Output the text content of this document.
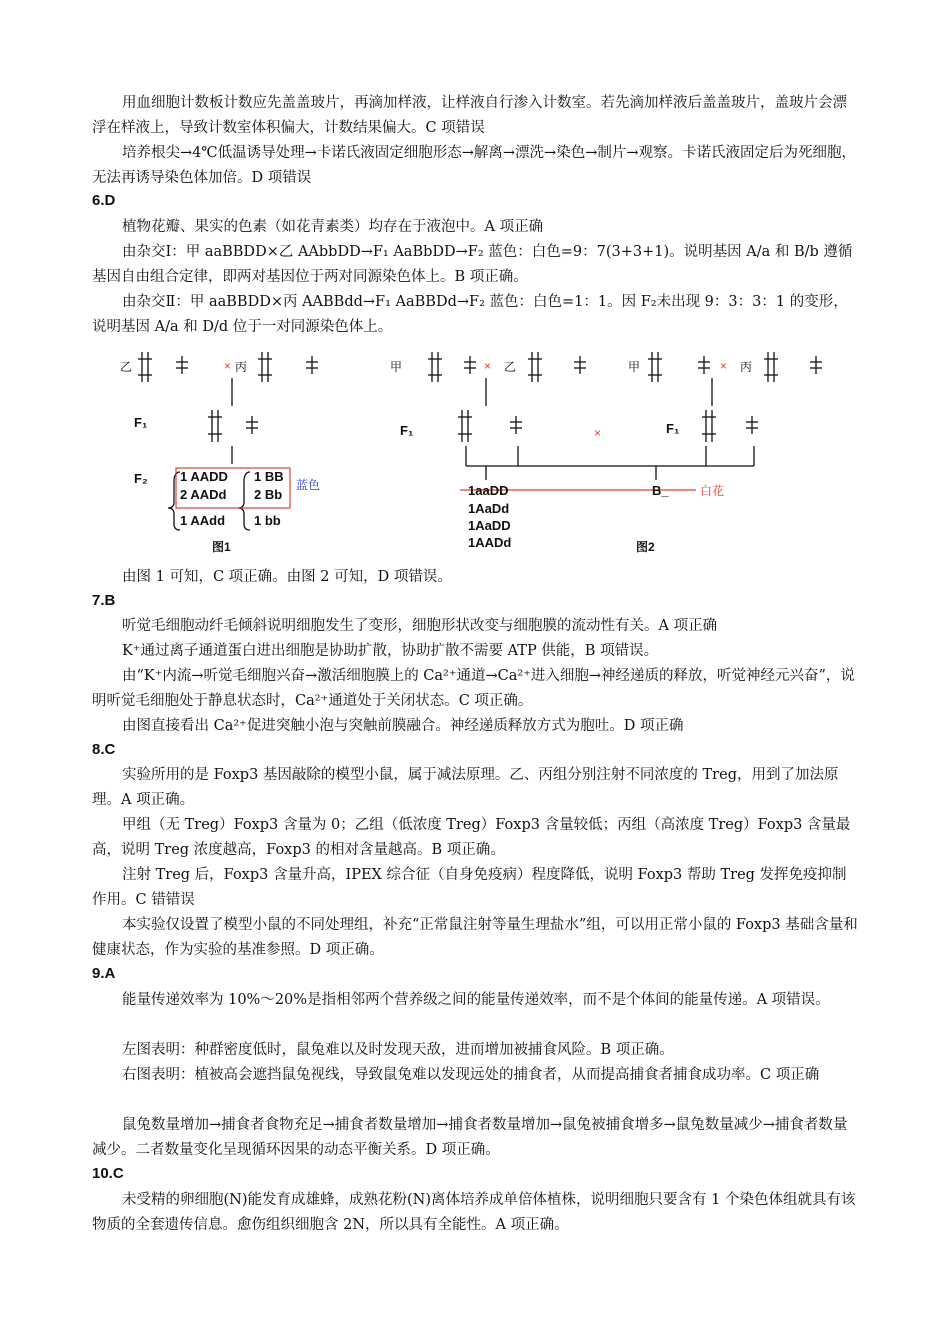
用血细胞计数板计数应先盖盖玻片，再滴加样液，让样液自行渗入计数室。若先滴加样液后盖盖玻片，盖玻片会漂浮在样液上，导致计数室体积偏大，计数结果偏大。C 项错误

培养根尖→4℃低温诱导处理→卡诺氏液固定细胞形态→解离→漂洗→染色→制片→观察。卡诺氏液固定后为死细胞，无法再诱导染色体加倍。D 项错误

6.D

植物花瓣、果实的色素（如花青素类）均存在于液泡中。A 项正确

由杂交Ⅰ：甲 aaBBDD×乙 AAbbDD→F₁ AaBbDD→F₂ 蓝色：白色=9：7(3+3+1)。说明基因 A/a 和 B/b 遵循基因自由组合定律，即两对基因位于两对同源染色体上。B 项正确。

由杂交Ⅱ：甲 aaBBDD×丙 AABBdd→F₁ AaBBDd→F₂ 蓝色：白色=1：1。因 F₂未出现 9：3：3：1 的变形，说明基因 A/a 和 D/d 位于一对同源染色体上。

乙	丙
×
F₁
F₂ 1 AADD
2 AADd
1 AAdd
1 BB
2 Bb
1 bb
蓝色
图1
甲	× 乙	甲	× 丙
F₁	×	F₁
1aaDD
1AaDd
1AaDD
1AADd
B_	白花
图2

由图 1 可知，C 项正确。由图 2 可知，D 项错误。

7.B

听觉毛细胞动纤毛倾斜说明细胞发生了变形，细胞形状改变与细胞膜的流动性有关。A 项正确

K⁺通过离子通道蛋白进出细胞是协助扩散，协助扩散不需要 ATP 供能，B 项错误。

由“K⁺内流→听觉毛细胞兴奋→激活细胞膜上的 Ca²⁺通道→Ca²⁺进入细胞→神经递质的释放，听觉神经元兴奋”，说明听觉毛细胞处于静息状态时，Ca²⁺通道处于关闭状态。C 项正确。

由图直接看出 Ca²⁺促进突触小泡与突触前膜融合。神经递质释放方式为胞吐。D 项正确

8.C

实验所用的是 Foxp3 基因敲除的模型小鼠，属于减法原理。乙、丙组分别注射不同浓度的 Treg，用到了加法原理。A 项正确。

甲组（无 Treg）Foxp3 含量为 0；乙组（低浓度 Treg）Foxp3 含量较低；丙组（高浓度 Treg）Foxp3 含量最高，说明 Treg 浓度越高，Foxp3 的相对含量越高。B 项正确。

注射 Treg 后，Foxp3 含量升高，IPEX 综合征（自身免疫病）程度降低，说明 Foxp3 帮助 Treg 发挥免疫抑制作用。C 错错误

本实验仅设置了模型小鼠的不同处理组，补充“正常鼠注射等量生理盐水”组，可以用正常小鼠的 Foxp3 基础含量和健康状态，作为实验的基准参照。D 项正确。

9.A

能量传递效率为 10%～20%是指相邻两个营养级之间的能量传递效率，而不是个体间的能量传递。A 项错误。

左图表明：种群密度低时，鼠兔难以及时发现天敌，进而增加被捕食风险。B 项正确。

右图表明：植被高会遮挡鼠兔视线，导致鼠兔难以发现远处的捕食者，从而提高捕食者捕食成功率。C 项正确

鼠兔数量增加→捕食者食物充足→捕食者数量增加→捕食者数量增加→鼠兔被捕食增多→鼠兔数量减少→捕食者数量减少。二者数量变化呈现循环因果的动态平衡关系。D 项正确。

10.C

未受精的卵细胞(N)能发育成雄蜂，成熟花粉(N)离体培养成单倍体植株，说明细胞只要含有 1 个染色体组就具有该物质的全套遗传信息。愈伤组织细胞含 2N，所以具有全能性。A 项正确。
